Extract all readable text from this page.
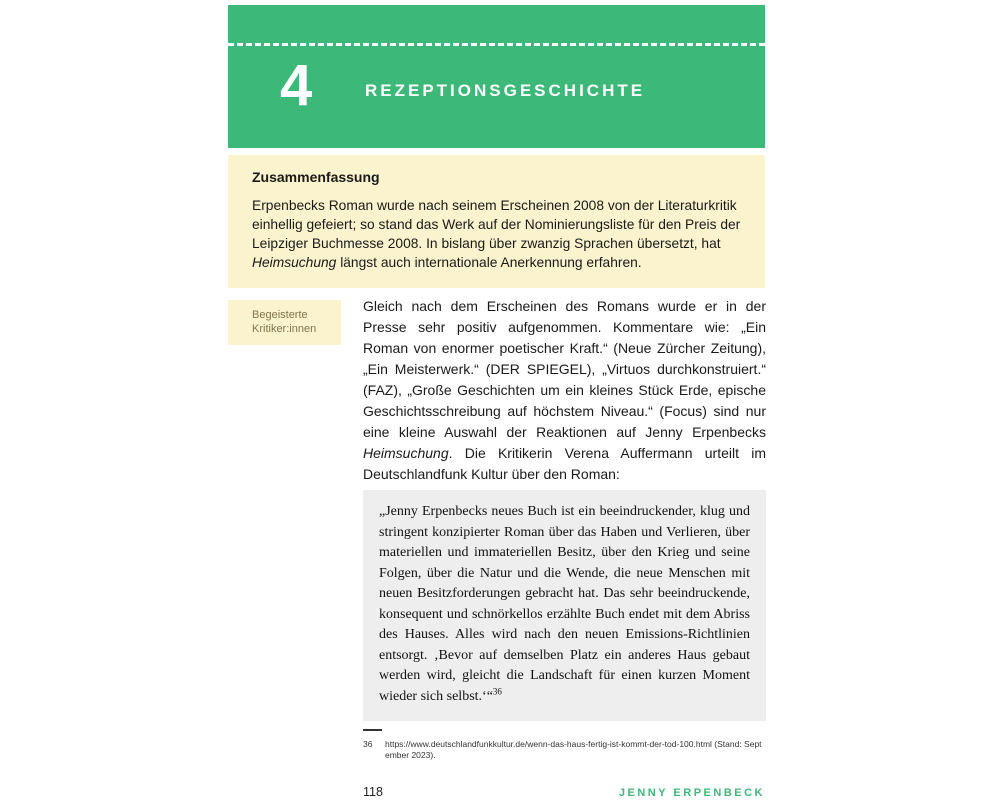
4	REZEPTIONSGESCHICHTE
Zusammenfassung
Erpenbecks Roman wurde nach seinem Erscheinen 2008 von der Literaturkritik einhellig gefeiert; so stand das Werk auf der Nominierungsliste für den Preis der Leipziger Buchmesse 2008. In bislang über zwanzig Sprachen übersetzt, hat Heimsuchung längst auch internationale Anerkennung erfahren.
Begeisterte
Kritiker:innen
Gleich nach dem Erscheinen des Romans wurde er in der Presse sehr positiv aufgenommen. Kommentare wie: „Ein Roman von enormer poetischer Kraft.“ (Neue Zürcher Zeitung), „Ein Meisterwerk.“ (DER SPIEGEL), „Virtuos durchkonstruiert.“ (FAZ), „Große Geschichten um ein kleines Stück Erde, epische Geschichtsschreibung auf höchstem Niveau.“ (Focus) sind nur eine kleine Auswahl der Reaktionen auf Jenny Erpenbecks Heimsuchung. Die Kritikerin Verena Auffermann urteilt im Deutschlandfunk Kultur über den Roman:
„Jenny Erpenbecks neues Buch ist ein beeindruckender, klug und stringent konzipierter Roman über das Haben und Verlieren, über materiellen und immateriellen Besitz, über den Krieg und seine Folgen, über die Natur und die Wende, die neue Menschen mit neuen Besitzforderungen gebracht hat. Das sehr beeindruckende, konsequent und schnörkellos erzählte Buch endet mit dem Abriss des Hauses. Alles wird nach den neuen Emissions-Richtlinien entsorgt. ‚Bevor auf demselben Platz ein anderes Haus gebaut werden wird, gleicht die Landschaft für einen kurzen Moment wieder sich selbst.‘“$^{36}$
36	https://www.deutschlandfunkkultur.de/wenn-das-haus-fertig-ist-kommt-der-tod-100.html (Stand: September 2023).
118	JENNY ERPENBECK
